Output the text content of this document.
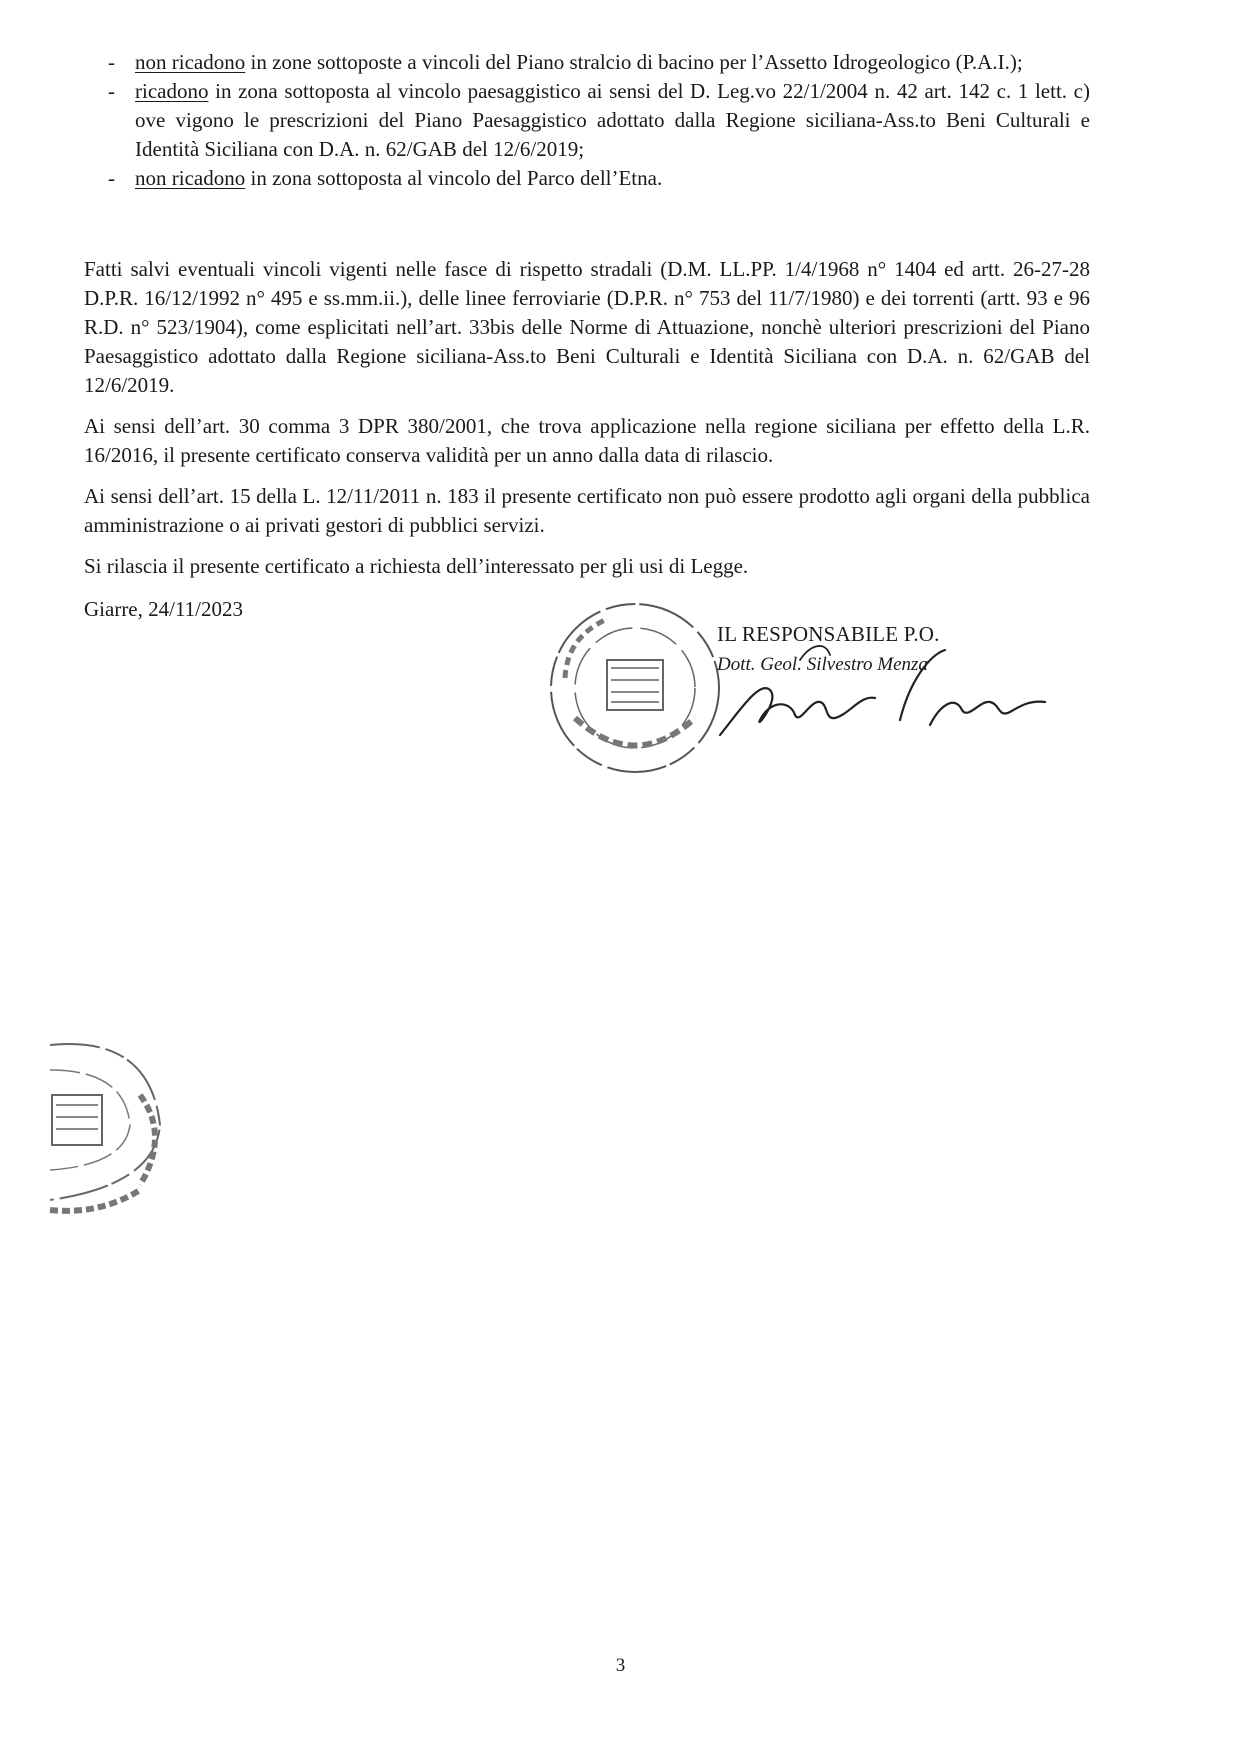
- non ricadono in zone sottoposte a vincoli del Piano stralcio di bacino per l’Assetto Idrogeologico (P.A.I.);

- ricadono in zona sottoposta al vincolo paesaggistico ai sensi del D. Leg.vo 22/1/2004 n. 42 art. 142 c. 1 lett. c) ove vigono le prescrizioni del Piano Paesaggistico adottato dalla Regione siciliana-Ass.to Beni Culturali e Identità Siciliana con D.A. n. 62/GAB del 12/6/2019;

- non ricadono in zona sottoposta al vincolo del Parco dell’Etna.

Fatti salvi eventuali vincoli vigenti nelle fasce di rispetto stradali (D.M. LL.PP. 1/4/1968 n° 1404 ed artt. 26-27-28 D.P.R. 16/12/1992 n° 495 e ss.mm.ii.), delle linee ferroviarie (D.P.R. n° 753 del 11/7/1980) e dei torrenti (artt. 93 e 96 R.D. n° 523/1904), come esplicitati nell’art. 33bis delle Norme di Attuazione, nonchè ulteriori prescrizioni del Piano Paesaggistico adottato dalla Regione siciliana-Ass.to Beni Culturali e Identità Siciliana con D.A. n. 62/GAB del 12/6/2019.

Ai sensi dell’art. 30 comma 3 DPR 380/2001, che trova applicazione nella regione siciliana per effetto della L.R. 16/2016, il presente certificato conserva validità per un anno dalla data di rilascio.

Ai sensi dell’art. 15 della L. 12/11/2011 n. 183 il presente certificato non può essere prodotto agli organi della pubblica amministrazione o ai privati gestori di pubblici servizi.

Si rilascia il presente certificato a richiesta dell’interessato per gli usi di Legge.

Giarre, 24/11/2023
IL RESPONSABILE P.O.
Dott. Geol. Silvestro Menza
3
